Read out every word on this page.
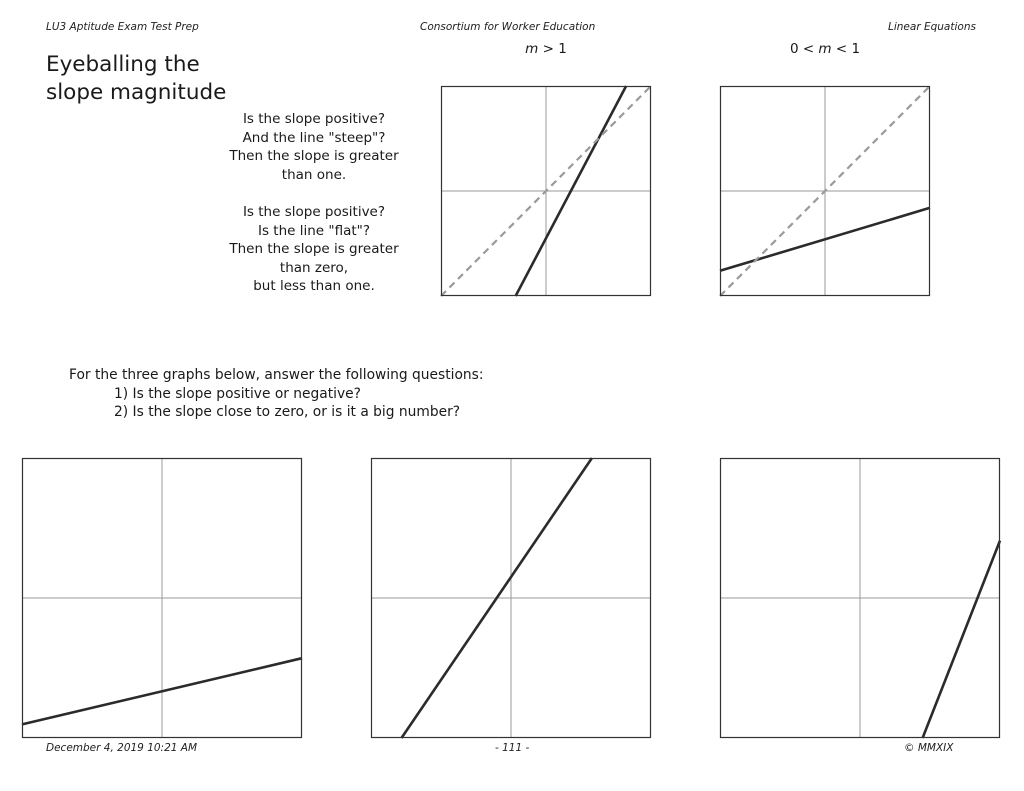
LU3 Aptitude Exam Test Prep	Consortium for Worker Education	Linear Equations
Eyeballing the
slope magnitude
Is the slope positive?
And the line "steep"?
Then the slope is greater
than one.
Is the slope positive?
Is the line "flat"?
Then the slope is greater
than zero,
but less than one.
m > 1	0 < m < 1
For the three graphs below, answer the following questions:
1) Is the slope positive or negative?
2) Is the slope close to zero, or is it a big number?
December 4, 2019 10:21 AM	- 111 -	© MMXIX
